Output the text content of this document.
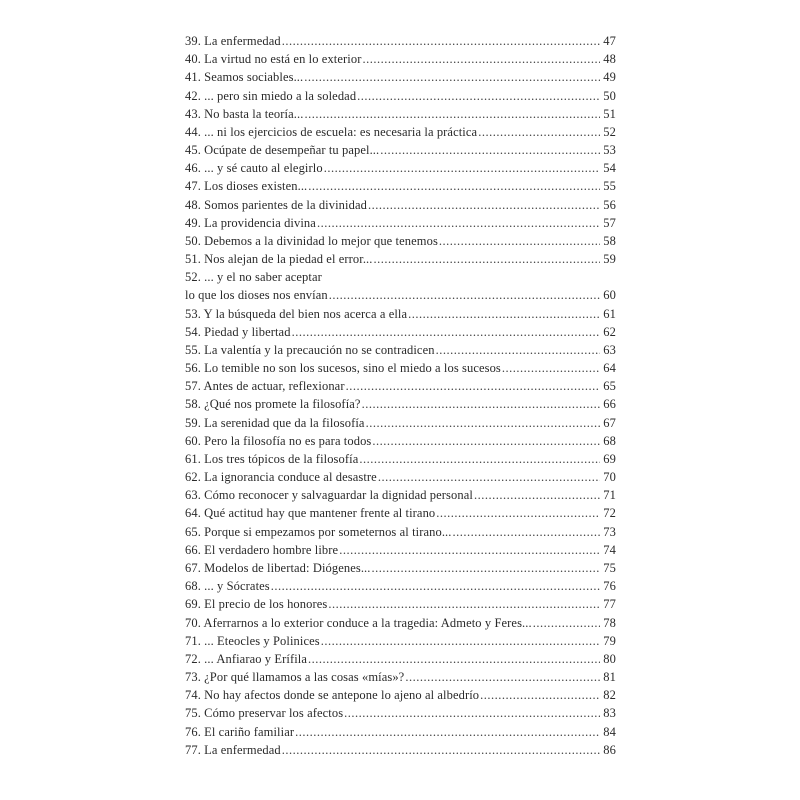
39. La enfermedad .....	47
40. La virtud no está en lo exterior .....	48
41. Seamos sociables... .....	49
42. ... pero sin miedo a la soledad .....	50
43. No basta la teoría... .....	51
44. ... ni los ejercicios de escuela: es necesaria la práctica .....	52
45. Ocúpate de desempeñar tu papel... .....	53
46. ... y sé cauto al elegirlo .....	54
47. Los dioses existen... .....	55
48. Somos parientes de la divinidad .....	56
49. La providencia divina .....	57
50. Debemos a la divinidad lo mejor que tenemos .....	58
51. Nos alejan de la piedad el error... .....	59
52. ... y el no saber aceptar
lo que los dioses nos envían .....	60
53. Y la búsqueda del bien nos acerca a ella .....	61
54. Piedad y libertad .....	62
55. La valentía y la precaución no se contradicen .....	63
56. Lo temible no son los sucesos, sino el miedo a los sucesos .....	64
57. Antes de actuar, reflexionar .....	65
58. ¿Qué nos promete la filosofía? .....	66
59. La serenidad que da la filosofía .....	67
60. Pero la filosofía no es para todos .....	68
61. Los tres tópicos de la filosofía .....	69
62. La ignorancia conduce al desastre .....	70
63. Cómo reconocer y salvaguardar la dignidad personal .....	71
64. Qué actitud hay que mantener frente al tirano .....	72
65. Porque si empezamos por someternos al tirano... .....	73
66. El verdadero hombre libre .....	74
67. Modelos de libertad: Diógenes... .....	75
68. ... y Sócrates .....	76
69. El precio de los honores .....	77
70. Aferrarnos a lo exterior conduce a la tragedia: Admeto y Feres... .....	78
71. ... Eteocles y Polinices .....	79
72. ... Anfiarao y Erífila .....	80
73. ¿Por qué llamamos a las cosas «mías»? .....	81
74. No hay afectos donde se antepone lo ajeno al albedrío .....	82
75. Cómo preservar los afectos .....	83
76. El cariño familiar .....	84
77. La enfermedad .....	86
